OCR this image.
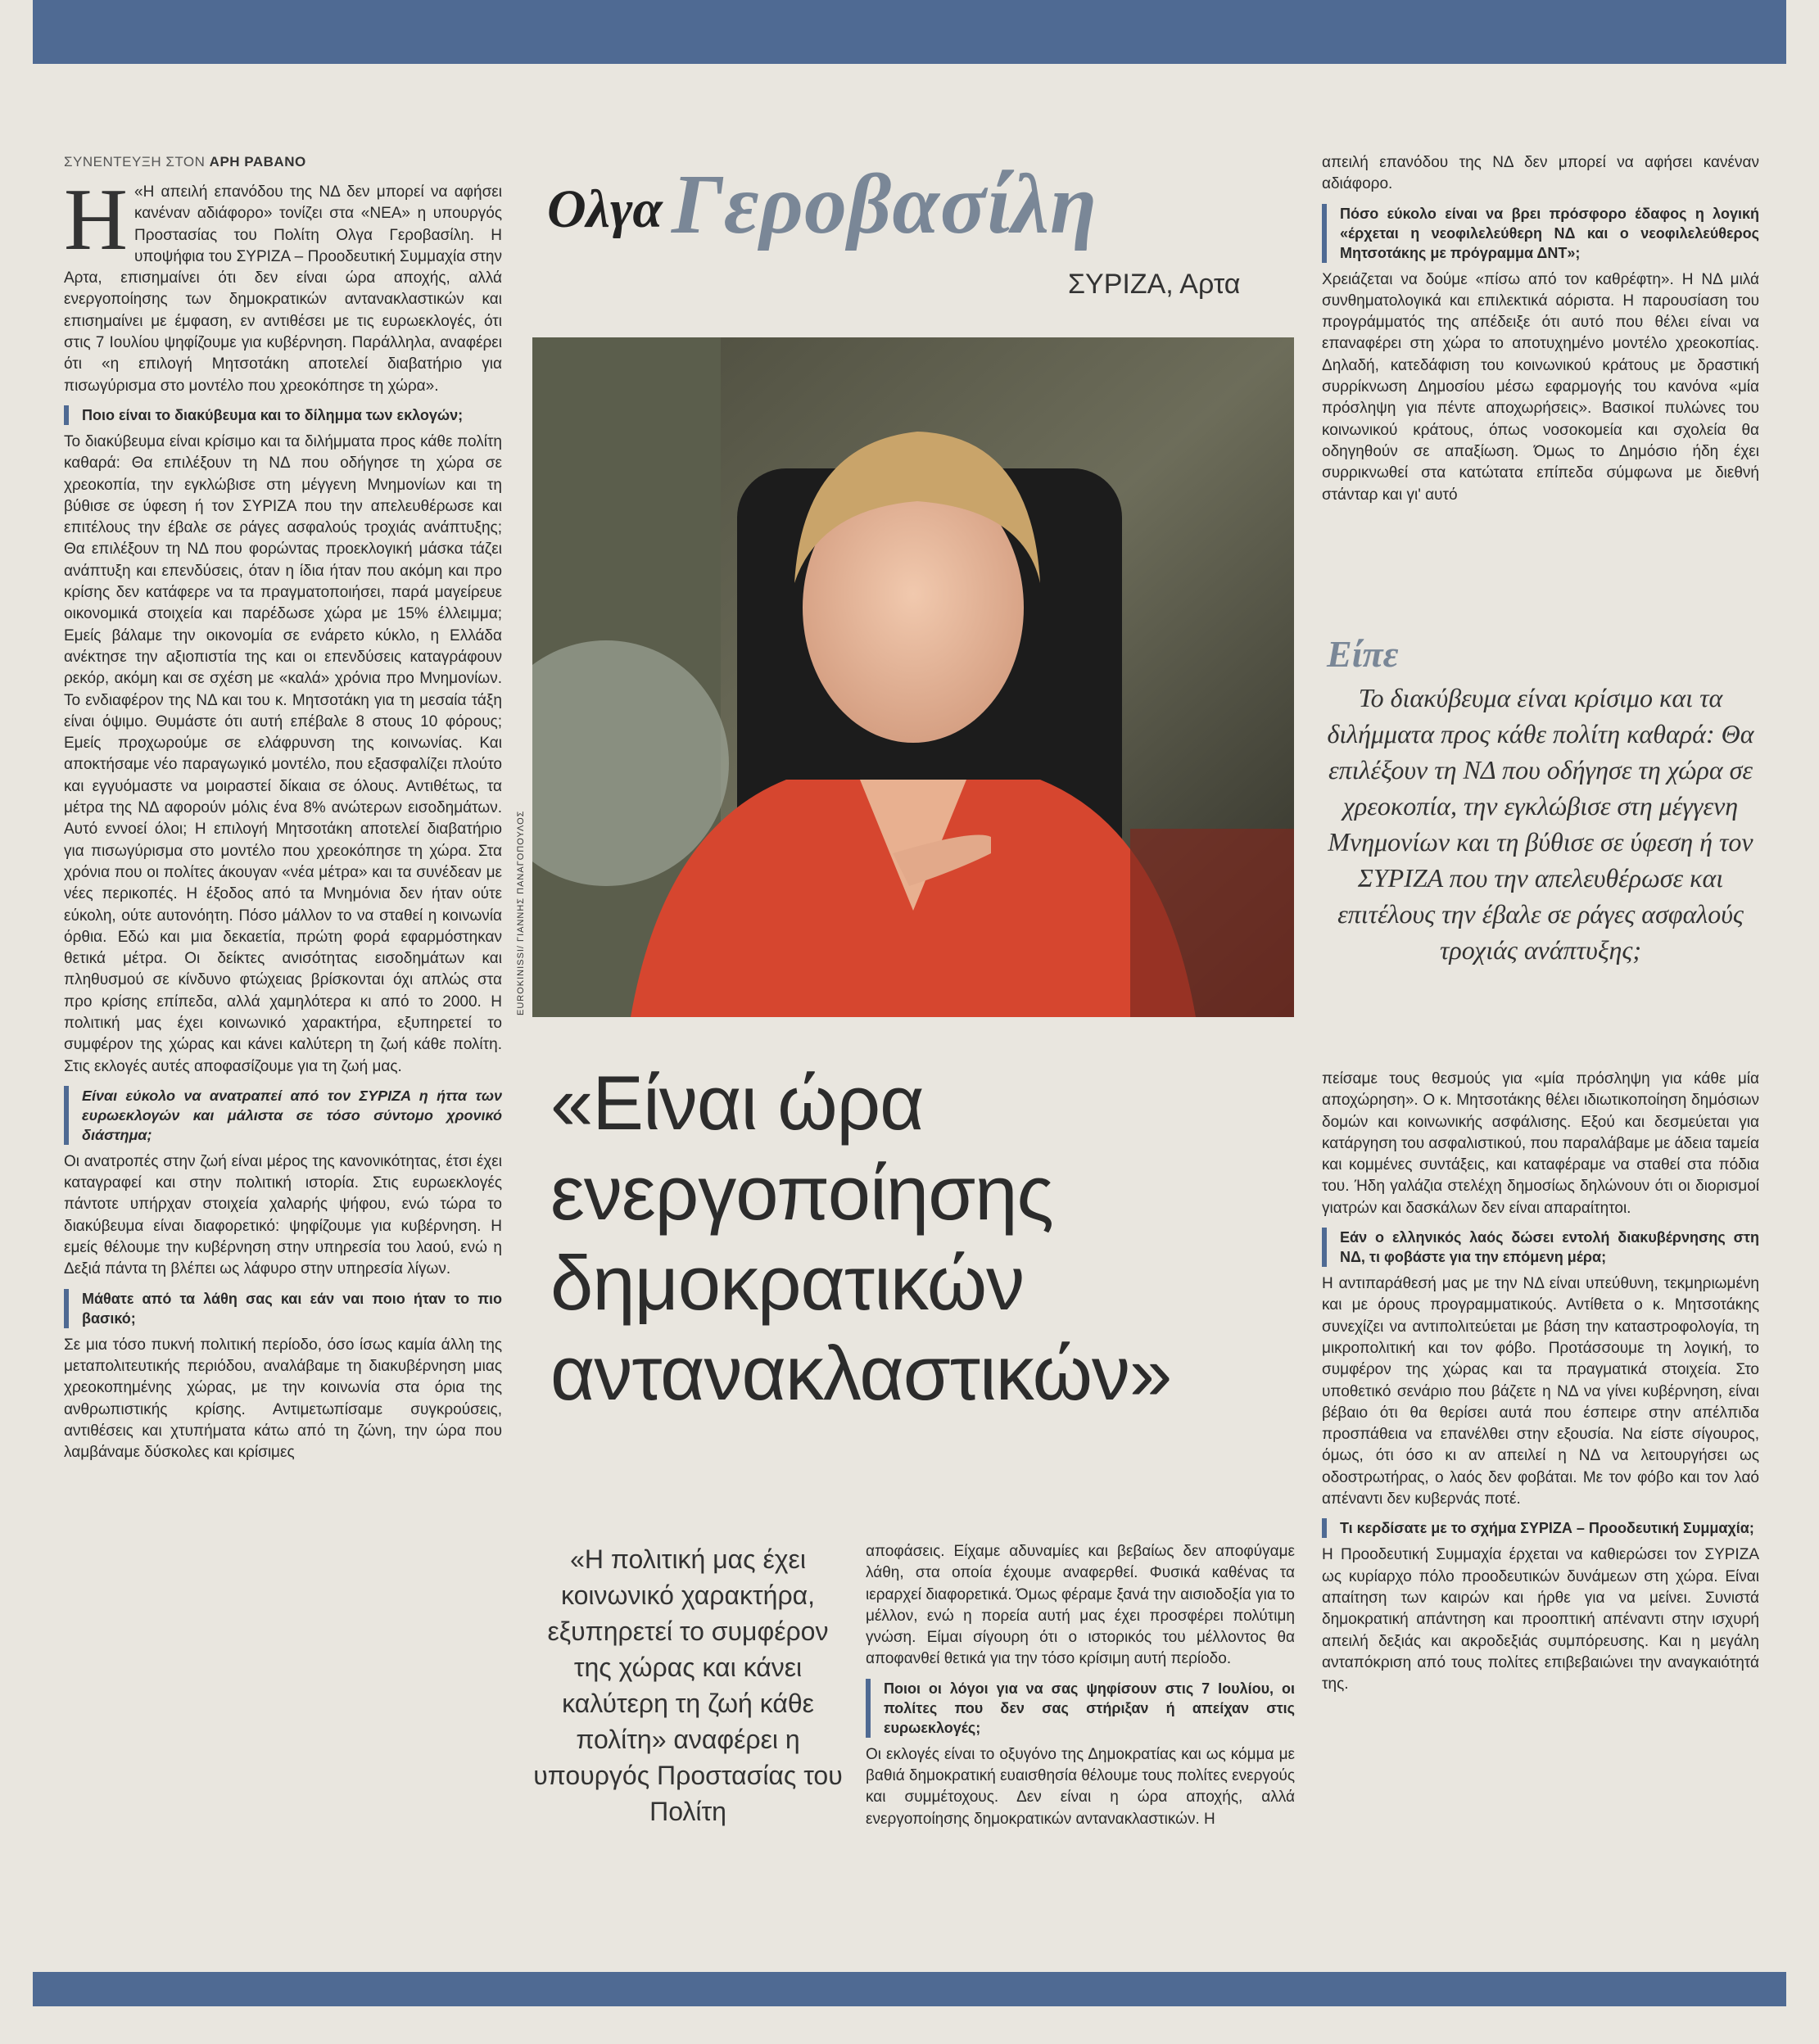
ΣΥΝΕΝΤΕΥΞΗ ΣΤΟΝ ΑΡΗ ΡΑΒΑΝΟ
Ολγα Γεροβασίλη
ΣΥΡΙΖΑ, Αρτα

Η «Η απειλή επανόδου της ΝΔ δεν μπορεί να αφήσει κανέναν αδιάφορο» τονίζει στα «ΝΕΑ» η υπουργός Προστασίας του Πολίτη Ολγα Γεροβασίλη. Η υποψήφια του ΣΥΡΙΖΑ – Προοδευτική Συμμαχία στην Αρτα, επισημαίνει ότι δεν είναι ώρα αποχής, αλλά ενεργοποίησης των δημοκρατικών αντανακλαστικών και επισημαίνει με έμφαση, εν αντιθέσει με τις ευρωεκλογές, ότι στις 7 Ιουλίου ψηφίζουμε για κυβέρνηση. Παράλληλα, αναφέρει ότι «η επιλογή Μητσοτάκη αποτελεί διαβατήριο για πισωγύρισμα στο μοντέλο που χρεοκόπησε τη χώρα».

Ποιο είναι το διακύβευμα και το δίλημμα των εκλογών;

Το διακύβευμα είναι κρίσιμο και τα διλήμματα προς κάθε πολίτη καθαρά: Θα επιλέξουν τη ΝΔ που οδήγησε τη χώρα σε χρεοκοπία, την εγκλώβισε στη μέγγενη Μνημονίων και τη βύθισε σε ύφεση ή τον ΣΥΡΙΖΑ που την απελευθέρωσε και επιτέλους την έβαλε σε ράγες ασφαλούς τροχιάς ανάπτυξης; Θα επιλέξουν τη ΝΔ που φορώντας προεκλογική μάσκα τάζει ανάπτυξη και επενδύσεις, όταν η ίδια ήταν που ακόμη και προ κρίσης δεν κατάφερε να τα πραγματοποιήσει, παρά μαγείρευε οικονομικά στοιχεία και παρέδωσε χώρα με 15% έλλειμμα; Εμείς βάλαμε την οικονομία σε ενάρετο κύκλο, η Ελλάδα ανέκτησε την αξιοπιστία της και οι επενδύσεις καταγράφουν ρεκόρ, ακόμη και σε σχέση με «καλά» χρόνια προ Μνημονίων. Το ενδιαφέρον της ΝΔ και του κ. Μητσοτάκη για τη μεσαία τάξη είναι όψιμο. Θυμάστε ότι αυτή επέβαλε 8 στους 10 φόρους; Εμείς προχωρούμε σε ελάφρυνση της κοινωνίας. Και αποκτήσαμε νέο παραγωγικό μοντέλο, που εξασφαλίζει πλούτο και εγγυόμαστε να μοιραστεί δίκαια σε όλους. Αντιθέτως, τα μέτρα της ΝΔ αφορούν μόλις ένα 8% ανώτερων εισοδημάτων. Αυτό εννοεί όλοι; Η επιλογή Μητσοτάκη αποτελεί διαβατήριο για πισωγύρισμα στο μοντέλο που χρεοκόπησε τη χώρα. Στα χρόνια που οι πολίτες άκουγαν «νέα μέτρα» και τα συνέδεαν με νέες περικοπές. Η έξοδος από τα Μνημόνια δεν ήταν ούτε εύκολη, ούτε αυτονόητη. Πόσο μάλλον το να σταθεί η κοινωνία όρθια. Εδώ και μια δεκαετία, πρώτη φορά εφαρμόστηκαν θετικά μέτρα. Οι δείκτες ανισότητας εισοδημάτων και πληθυσμού σε κίνδυνο φτώχειας βρίσκονται όχι απλώς στα προ κρίσης επίπεδα, αλλά χαμηλότερα κι από το 2000. Η πολιτική μας έχει κοινωνικό χαρακτήρα, εξυπηρετεί το συμφέρον της χώρας και κάνει καλύτερη τη ζωή κάθε πολίτη. Στις εκλογές αυτές αποφασίζουμε για τη ζωή μας.

Είναι εύκολο να ανατραπεί από τον ΣΥΡΙΖΑ η ήττα των ευρωεκλογών και μάλιστα σε τόσο σύντομο χρονικό διάστημα;

Οι ανατροπές στην ζωή είναι μέρος της κανονικότητας, έτσι έχει καταγραφεί και στην πολιτική ιστορία. Στις ευρωεκλογές πάντοτε υπήρχαν στοιχεία χαλαρής ψήφου, ενώ τώρα το διακύβευμα είναι διαφορετικό: ψηφίζουμε για κυβέρνηση. Η εμείς θέλουμε την κυβέρνηση στην υπηρεσία του λαού, ενώ η Δεξιά πάντα τη βλέπει ως λάφυρο στην υπηρεσία λίγων.

Μάθατε από τα λάθη σας και εάν ναι ποιο ήταν το πιο βασικό;

Σε μια τόσο πυκνή πολιτική περίοδο, όσο ίσως καμία άλλη της μεταπολιτευτικής περιόδου, αναλάβαμε τη διακυβέρνηση μιας χρεοκοπημένης χώρας, με την κοινωνία στα όρια της ανθρωπιστικής κρίσης. Αντιμετωπίσαμε συγκρούσεις, αντιθέσεις και χτυπήματα κάτω από τη ζώνη, την ώρα που λαμβάναμε δύσκολες και κρίσιμες

EUROKINISSI/ ΓΙΑΝΝΗΣ ΠΑΝΑΓΟΠΟΥΛΟΣ
«Είναι ώρα ενεργοποίησης δημοκρατικών αντανακλαστικών»
«Η πολιτική μας έχει κοινωνικό χαρακτήρα, εξυπηρετεί το συμφέρον της χώρας και κάνει καλύτερη τη ζωή κάθε πολίτη» αναφέρει η υπουργός Προστασίας του Πολίτη

αποφάσεις. Είχαμε αδυναμίες και βεβαίως δεν αποφύγαμε λάθη, στα οποία έχουμε αναφερθεί. Φυσικά καθένας τα ιεραρχεί διαφορετικά. Όμως φέραμε ξανά την αισιοδοξία για το μέλλον, ενώ η πορεία αυτή μας έχει προσφέρει πολύτιμη γνώση. Είμαι σίγουρη ότι ο ιστορικός του μέλλοντος θα αποφανθεί θετικά για την τόσο κρίσιμη αυτή περίοδο.

Ποιοι οι λόγοι για να σας ψηφίσουν στις 7 Ιουλίου, οι πολίτες που δεν σας στήριξαν ή απείχαν στις ευρωεκλογές;

Οι εκλογές είναι το οξυγόνο της Δημοκρατίας και ως κόμμα με βαθιά δημοκρατική ευαισθησία θέλουμε τους πολίτες ενεργούς και συμμέτοχους. Δεν είναι η ώρα αποχής, αλλά ενεργοποίησης δημοκρατικών αντανακλαστικών. Η

απειλή επανόδου της ΝΔ δεν μπορεί να αφήσει κανέναν αδιάφορο.

Πόσο εύκολο είναι να βρει πρόσφορο έδαφος η λογική «έρχεται η νεοφιλελεύθερη ΝΔ και ο νεοφιλελεύθερος Μητσοτάκης με πρόγραμμα ΔΝΤ»;

Χρειάζεται να δούμε «πίσω από τον καθρέφτη». Η ΝΔ μιλά συνθηματολογικά και επιλεκτικά αόριστα. Η παρουσίαση του προγράμματός της απέδειξε ότι αυτό που θέλει είναι να επαναφέρει στη χώρα το αποτυχημένο μοντέλο χρεοκοπίας. Δηλαδή, κατεδάφιση του κοινωνικού κράτους με δραστική συρρίκνωση Δημοσίου μέσω εφαρμογής του κανόνα «μία πρόσληψη για πέντε αποχωρήσεις». Βασικοί πυλώνες του κοινωνικού κράτους, όπως νοσοκομεία και σχολεία θα οδηγηθούν σε απαξίωση. Όμως το Δημόσιο ήδη έχει συρρικνωθεί στα κατώτατα επίπεδα σύμφωνα με διεθνή στάνταρ και γι' αυτό

Είπε
Το διακύβευμα είναι κρίσιμο και τα διλήμματα προς κάθε πολίτη καθαρά: Θα επιλέξουν τη ΝΔ που οδήγησε τη χώρα σε χρεοκοπία, την εγκλώβισε στη μέγγενη Μνημονίων και τη βύθισε σε ύφεση ή τον ΣΥΡΙΖΑ που την απελευθέρωσε και επιτέλους την έβαλε σε ράγες ασφαλούς τροχιάς ανάπτυξης;

πείσαμε τους θεσμούς για «μία πρόσληψη για κάθε μία αποχώρηση». Ο κ. Μητσοτάκης θέλει ιδιωτικοποίηση δημόσιων δομών και κοινωνικής ασφάλισης. Εξού και δεσμεύεται για κατάργηση του ασφαλιστικού, που παραλάβαμε με άδεια ταμεία και κομμένες συντάξεις, και καταφέραμε να σταθεί στα πόδια του. Ήδη γαλάζια στελέχη δημοσίως δηλώνουν ότι οι διορισμοί γιατρών και δασκάλων δεν είναι απαραίτητοι.

Εάν ο ελληνικός λαός δώσει εντολή διακυβέρνησης στη ΝΔ, τι φοβάστε για την επόμενη μέρα;

Η αντιπαράθεσή μας με την ΝΔ είναι υπεύθυνη, τεκμηριωμένη και με όρους προγραμματικούς. Αντίθετα ο κ. Μητσοτάκης συνεχίζει να αντιπολιτεύεται με βάση την καταστροφολογία, τη μικροπολιτική και τον φόβο. Προτάσσουμε τη λογική, το συμφέρον της χώρας και τα πραγματικά στοιχεία. Στο υποθετικό σενάριο που βάζετε η ΝΔ να γίνει κυβέρνηση, είναι βέβαιο ότι θα θερίσει αυτά που έσπειρε στην απέλπιδα προσπάθεια να επανέλθει στην εξουσία. Να είστε σίγουρος, όμως, ότι όσο κι αν απειλεί η ΝΔ να λειτουργήσει ως οδοστρωτήρας, ο λαός δεν φοβάται. Με τον φόβο και τον λαό απέναντι δεν κυβερνάς ποτέ.

Τι κερδίσατε με το σχήμα ΣΥΡΙΖΑ – Προοδευτική Συμμαχία;

Η Προοδευτική Συμμαχία έρχεται να καθιερώσει τον ΣΥΡΙΖΑ ως κυρίαρχο πόλο προοδευτικών δυνάμεων στη χώρα. Είναι απαίτηση των καιρών και ήρθε για να μείνει. Συνιστά δημοκρατική απάντηση και προοπτική απέναντι στην ισχυρή απειλή δεξιάς και ακροδεξιάς συμπόρευσης. Και η μεγάλη ανταπόκριση από τους πολίτες επιβεβαιώνει την αναγκαιότητά της.
